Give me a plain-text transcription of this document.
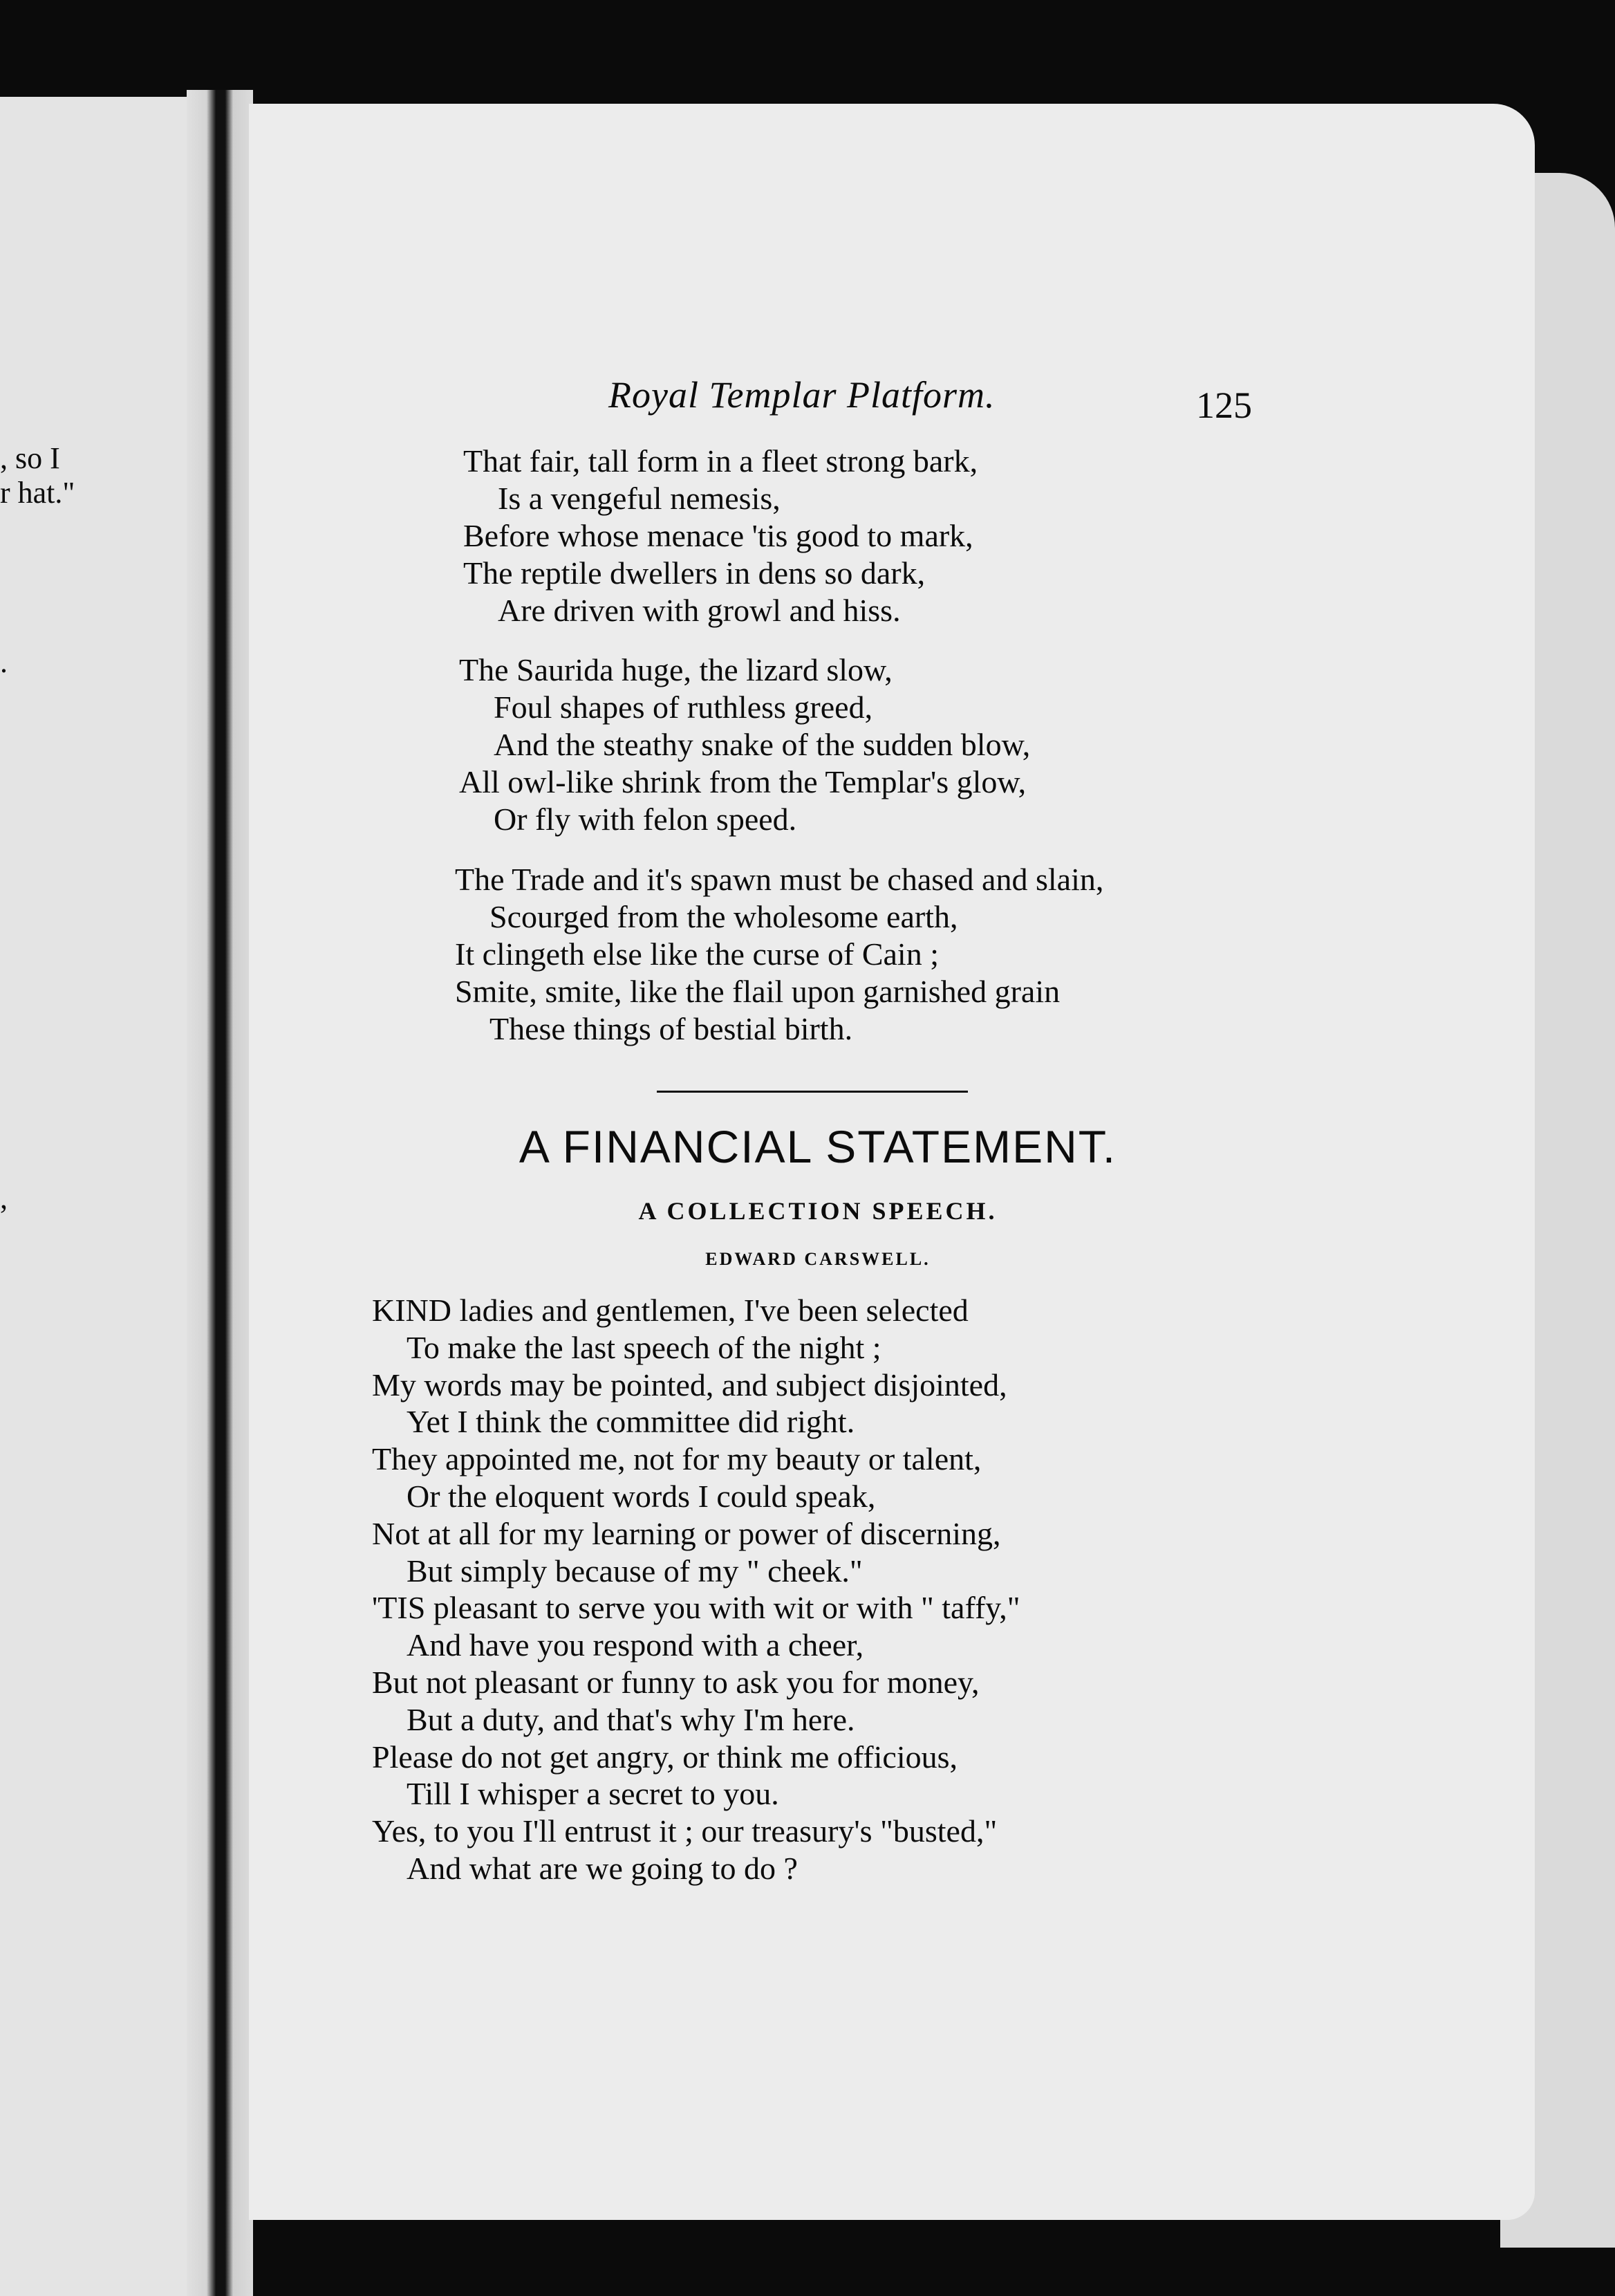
, so I
r hat."
.
,
Royal Templar Platform.	125
That fair, tall form in a fleet strong bark,
Is a vengeful nemesis,
Before whose menace 'tis good to mark,
The reptile dwellers in dens so dark,
Are driven with growl and hiss.
The Saurida huge, the lizard slow,
Foul shapes of ruthless greed,
And the steathy snake of the sudden blow,
All owl-like shrink from the Templar's glow,
Or fly with felon speed.
The Trade and it's spawn must be chased and slain,
Scourged from the wholesome earth,
It clingeth else like the curse of Cain ;
Smite, smite, like the flail upon garnished grain
These things of bestial birth.
A FINANCIAL STATEMENT.
A COLLECTION SPEECH.
EDWARD CARSWELL.
KIND ladies and gentlemen, I've been selected
To make the last speech of the night ;
My words may be pointed, and subject disjointed,
Yet I think the committee did right.
They appointed me, not for my beauty or talent,
Or the eloquent words I could speak,
Not at all for my learning or power of discerning,
But simply because of my " cheek."
'TIS pleasant to serve you with wit or with " taffy,"
And have you respond with a cheer,
But not pleasant or funny to ask you for money,
But a duty, and that's why I'm here.
Please do not get angry, or think me officious,
Till I whisper a secret to you.
Yes, to you I'll entrust it ; our treasury's "busted,"
And what are we going to do ?
